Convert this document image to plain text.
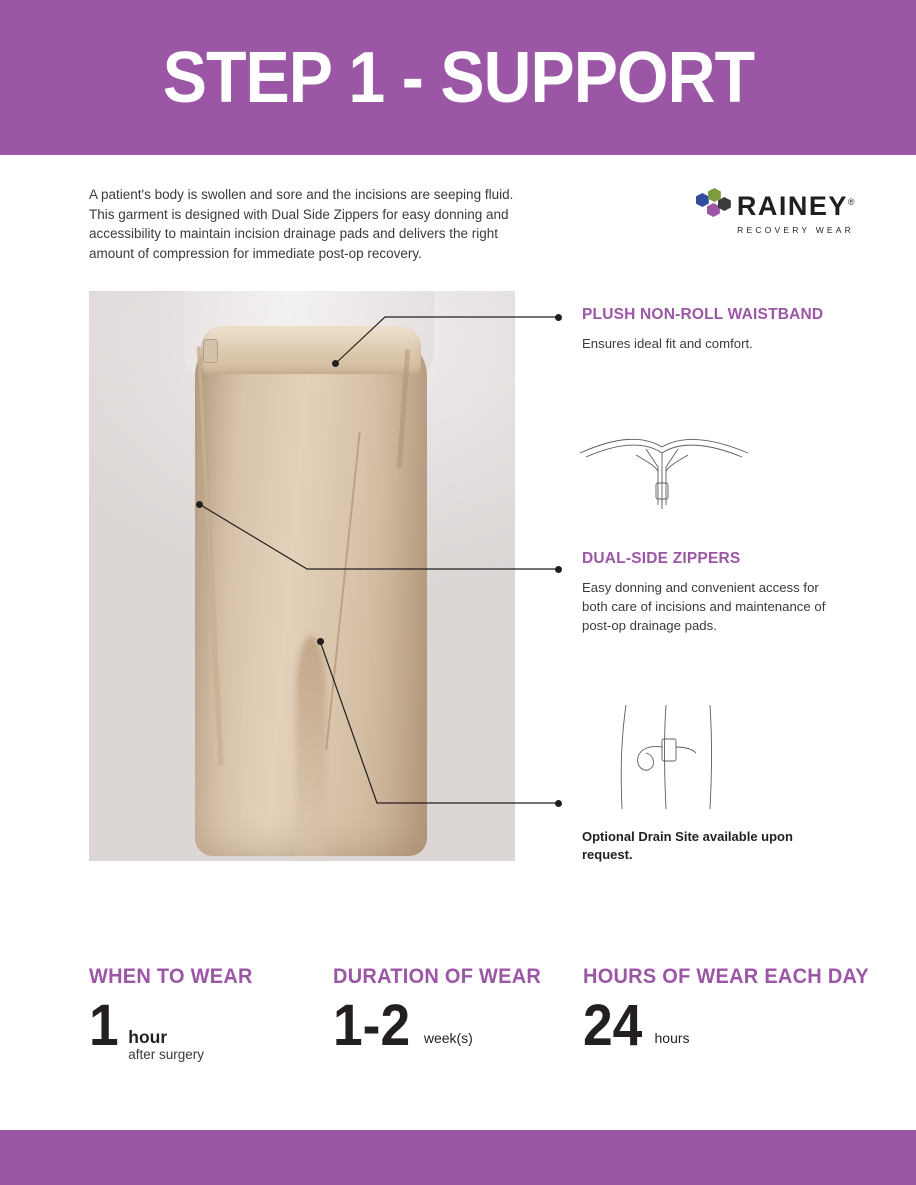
STEP 1 - SUPPORT
A patient's body is swollen and sore and the incisions are seeping fluid. This garment is designed with Dual Side Zippers for easy donning and accessibility to maintain incision drainage pads and delivers the right amount of compression for immediate post-op recovery.
RAINEY®
RECOVERY WEAR
PLUSH NON-ROLL WAISTBAND
Ensures ideal fit and comfort.
DUAL-SIDE ZIPPERS
Easy donning and convenient access for both care of incisions and maintenance of post-op drainage pads.
Optional Drain Site available upon request.
WHEN TO WEAR
1 hour
after surgery
DURATION OF WEAR
1-2 week(s)
HOURS OF WEAR EACH DAY
24 hours
